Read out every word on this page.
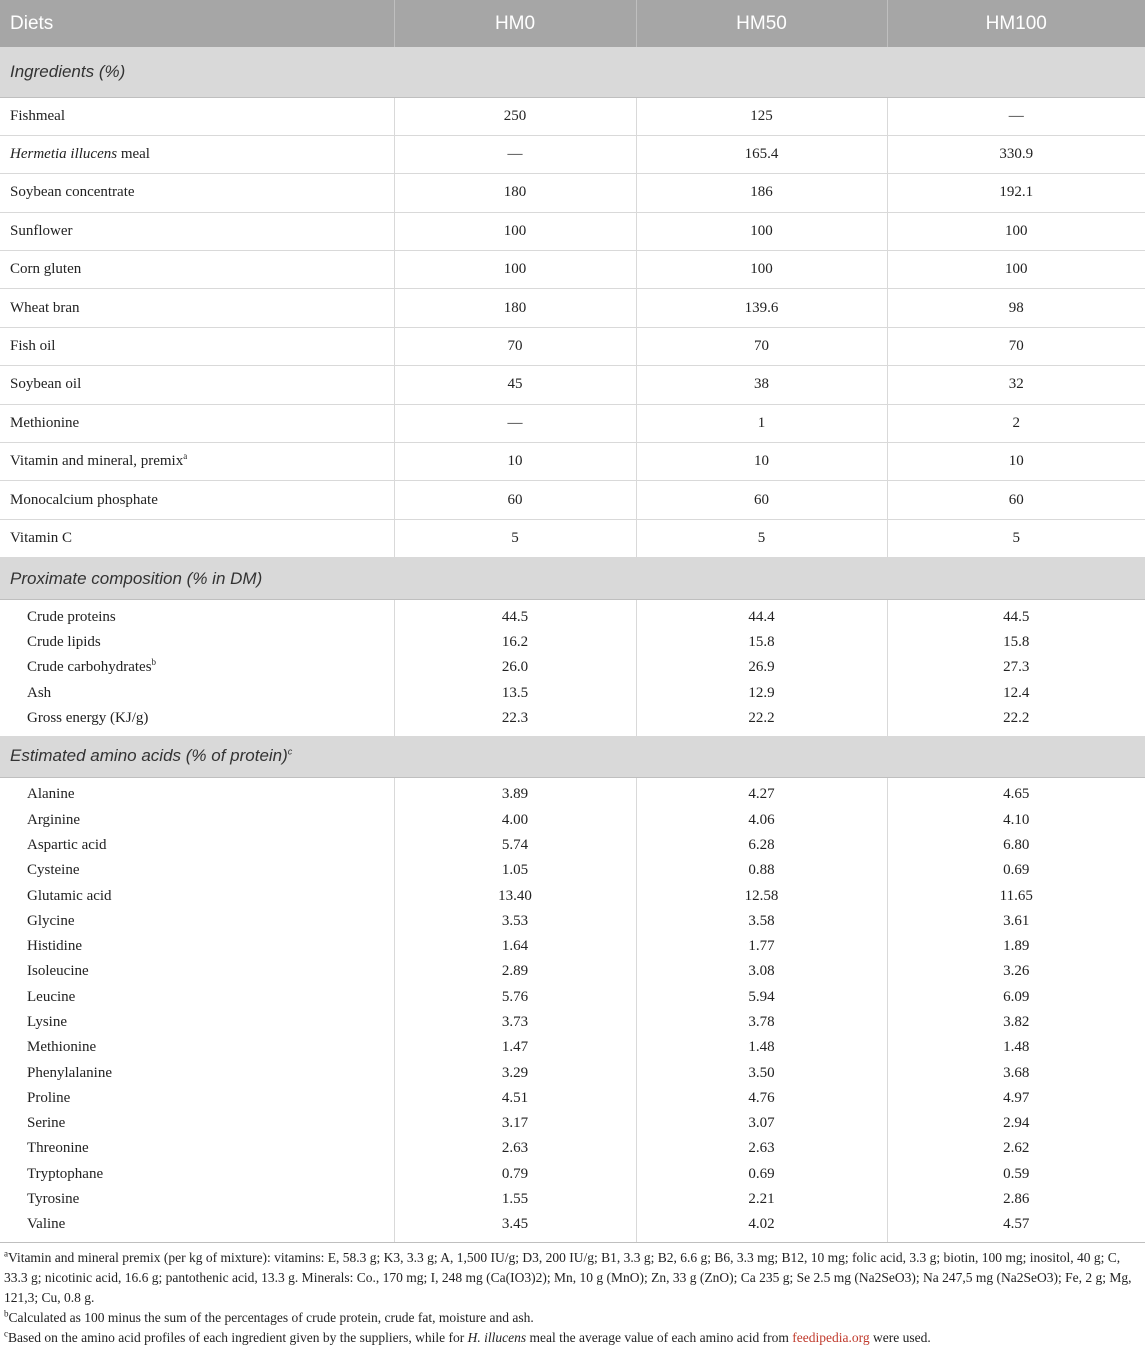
Diets	HM0	HM50	HM100
Ingredients (%)			
Fishmeal	250	125	—
Hermetia illucens meal	—	165.4	330.9
Soybean concentrate	180	186	192.1
Sunflower	100	100	100
Corn gluten	100	100	100
Wheat bran	180	139.6	98
Fish oil	70	70	70
Soybean oil	45	38	32
Methionine	—	1	2
Vitamin and mineral, premix$^a$	10	10	10
Monocalcium phosphate	60	60	60
Vitamin C	5	5	5
Proximate composition (% in DM)			

Crude proteins	44.5	44.4	44.5
Crude lipids	16.2	15.8	15.8
Crude carbohydrates$^b$	26.0	26.9	27.3
Ash	13.5	12.9	12.4
Gross energy (KJ/g)	22.3	22.2	22.2

Estimated amino acids (% of protein)$^c$

Alanine	3.89	4.27	4.65
Arginine	4.00	4.06	4.10
Aspartic acid	5.74	6.28	6.80
Cysteine	1.05	0.88	0.69
Glutamic acid	13.40	12.58	11.65
Glycine	3.53	3.58	3.61
Histidine	1.64	1.77	1.89
Isoleucine	2.89	3.08	3.26
Leucine	5.76	5.94	6.09
Lysine	3.73	3.78	3.82
Methionine	1.47	1.48	1.48
Phenylalanine	3.29	3.50	3.68
Proline	4.51	4.76	4.97
Serine	3.17	3.07	2.94
Threonine	2.63	2.63	2.62
Tryptophane	0.79	0.69	0.59
Tyrosine	1.55	2.21	2.86
Valine	3.45	4.02	4.57

$^a$Vitamin and mineral premix (per kg of mixture): vitamins: E, 58.3 g; K3, 3.3 g; A, 1,500 IU/g; D3, 200 IU/g; B1, 3.3 g; B2, 6.6 g; B6, 3.3 mg; B12, 10 mg; folic acid, 3.3 g; biotin, 100 mg; inositol, 40 g; C, 33.3 g; nicotinic acid, 16.6 g; pantothenic acid, 13.3 g. Minerals: Co., 170 mg; I, 248 mg (Ca(IO3)2); Mn, 10 g (MnO); Zn, 33 g (ZnO); Ca 235 g; Se 2.5 mg (Na2SeO3); Na 247,5 mg (Na2SeO3); Fe, 2 g; Mg, 121,3; Cu, 0.8 g.

$^b$Calculated as 100 minus the sum of the percentages of crude protein, crude fat, moisture and ash.

$^c$Based on the amino acid profiles of each ingredient given by the suppliers, while for H. illucens meal the average value of each amino acid from feedipedia.org were used.
